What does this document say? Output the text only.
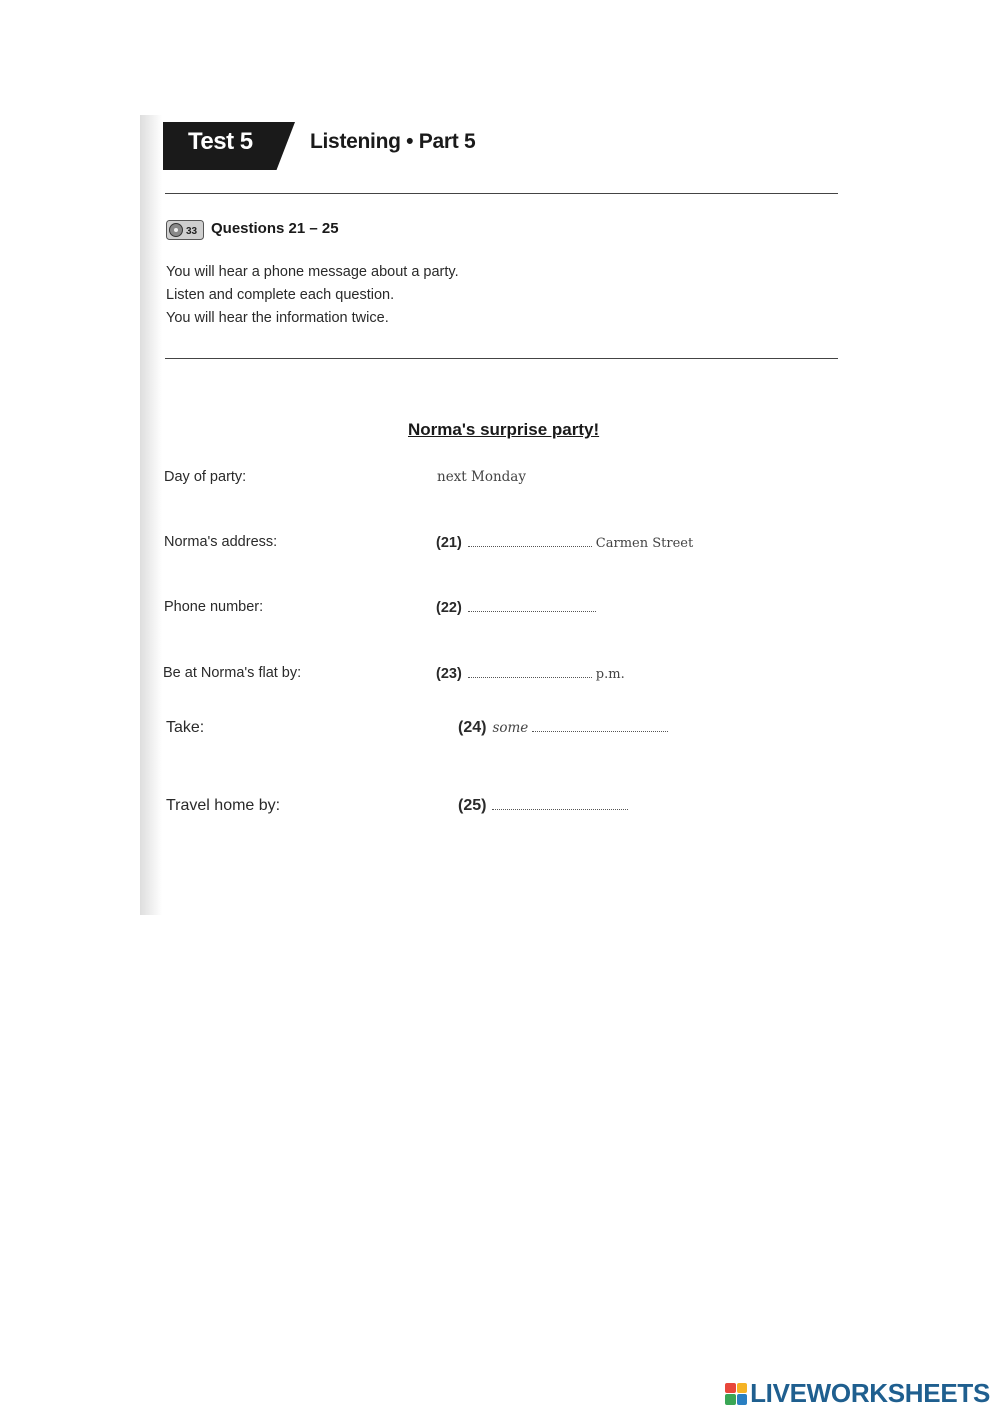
Test 5	Listening • Part 5
33 Questions 21 – 25
You will hear a phone message about a party.
Listen and complete each question.
You will hear the information twice.
Norma's surprise party!
Day of party:	next Monday
Norma's address:	(21)	Carmen Street
Phone number:	(22)
Be at Norma's flat by:	(23)	p.m.
Take:	(24) some
Travel home by:	(25)
LIVEWORKSHEETS
